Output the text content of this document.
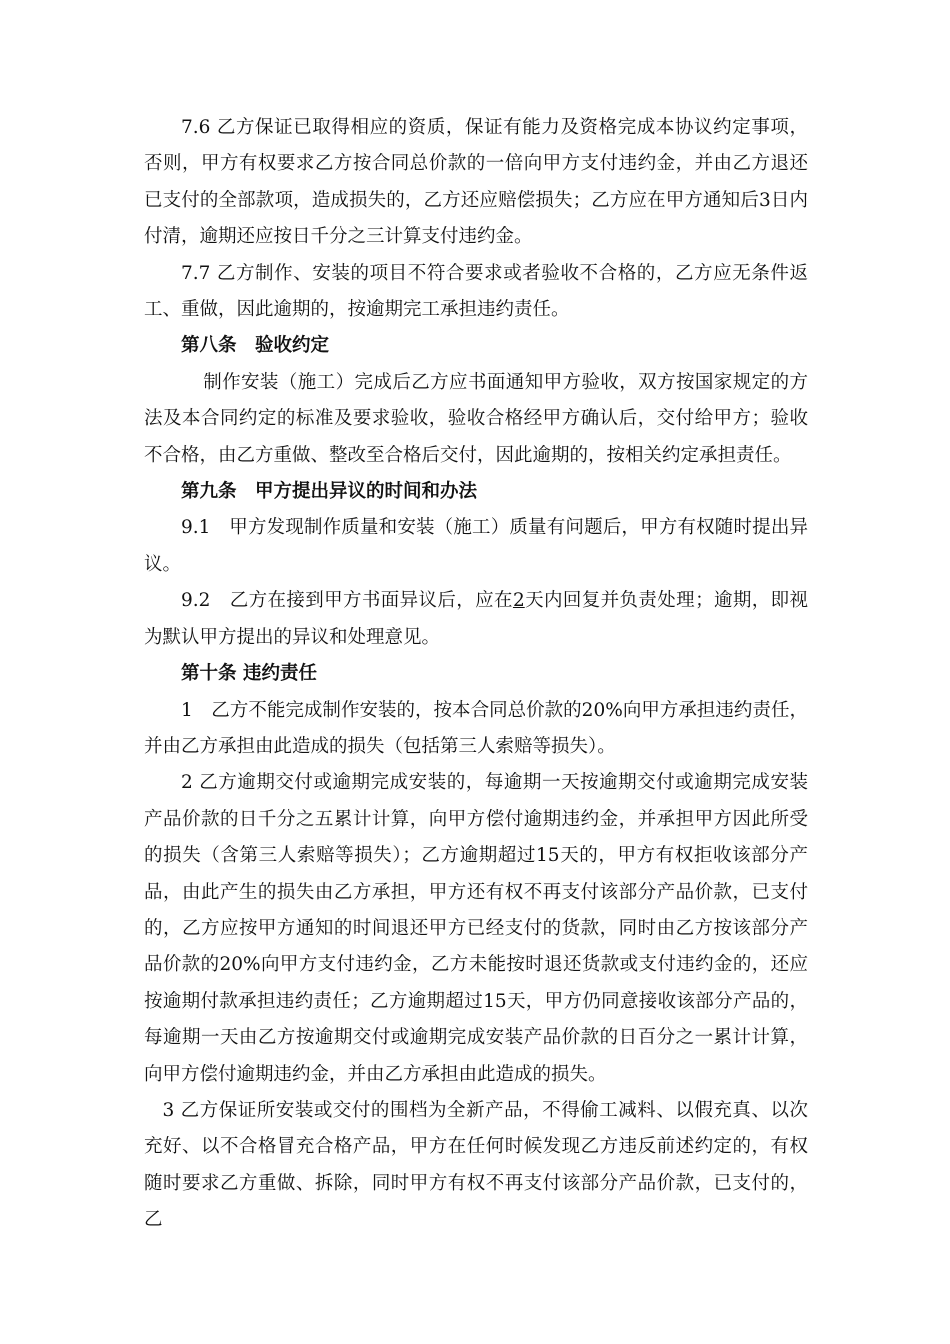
7.6 乙方保证已取得相应的资质，保证有能力及资格完成本协议约定事项，否则，甲方有权要求乙方按合同总价款的一倍向甲方支付违约金，并由乙方退还已支付的全部款项，造成损失的，乙方还应赔偿损失；乙方应在甲方通知后3日内付清，逾期还应按日千分之三计算支付违约金。

7.7 乙方制作、安装的项目不符合要求或者验收不合格的，乙方应无条件返工、重做，因此逾期的，按逾期完工承担违约责任。

第八条　验收约定

制作安装（施工）完成后乙方应书面通知甲方验收，双方按国家规定的方法及本合同约定的标准及要求验收，验收合格经甲方确认后，交付给甲方；验收不合格，由乙方重做、整改至合格后交付，因此逾期的，按相关约定承担责任。

第九条　甲方提出异议的时间和办法

9.1　甲方发现制作质量和安装（施工）质量有问题后，甲方有权随时提出异议。

9.2　乙方在接到甲方书面异议后，应在2天内回复并负责处理；逾期，即视为默认甲方提出的异议和处理意见。

第十条 违约责任

1　乙方不能完成制作安装的，按本合同总价款的20%向甲方承担违约责任，并由乙方承担由此造成的损失（包括第三人索赔等损失）。

2 乙方逾期交付或逾期完成安装的，每逾期一天按逾期交付或逾期完成安装产品价款的日千分之五累计计算，向甲方偿付逾期违约金，并承担甲方因此所受的损失（含第三人索赔等损失）；乙方逾期超过15天的，甲方有权拒收该部分产品，由此产生的损失由乙方承担，甲方还有权不再支付该部分产品价款，已支付的，乙方应按甲方通知的时间退还甲方已经支付的货款，同时由乙方按该部分产品价款的20%向甲方支付违约金，乙方未能按时退还货款或支付违约金的，还应按逾期付款承担违约责任；乙方逾期超过15天，甲方仍同意接收该部分产品的，每逾期一天由乙方按逾期交付或逾期完成安装产品价款的日百分之一累计计算，向甲方偿付逾期违约金，并由乙方承担由此造成的损失。

3 乙方保证所安装或交付的围档为全新产品，不得偷工减料、以假充真、以次充好、以不合格冒充合格产品，甲方在任何时候发现乙方违反前述约定的，有权随时要求乙方重做、拆除，同时甲方有权不再支付该部分产品价款，已支付的，乙
